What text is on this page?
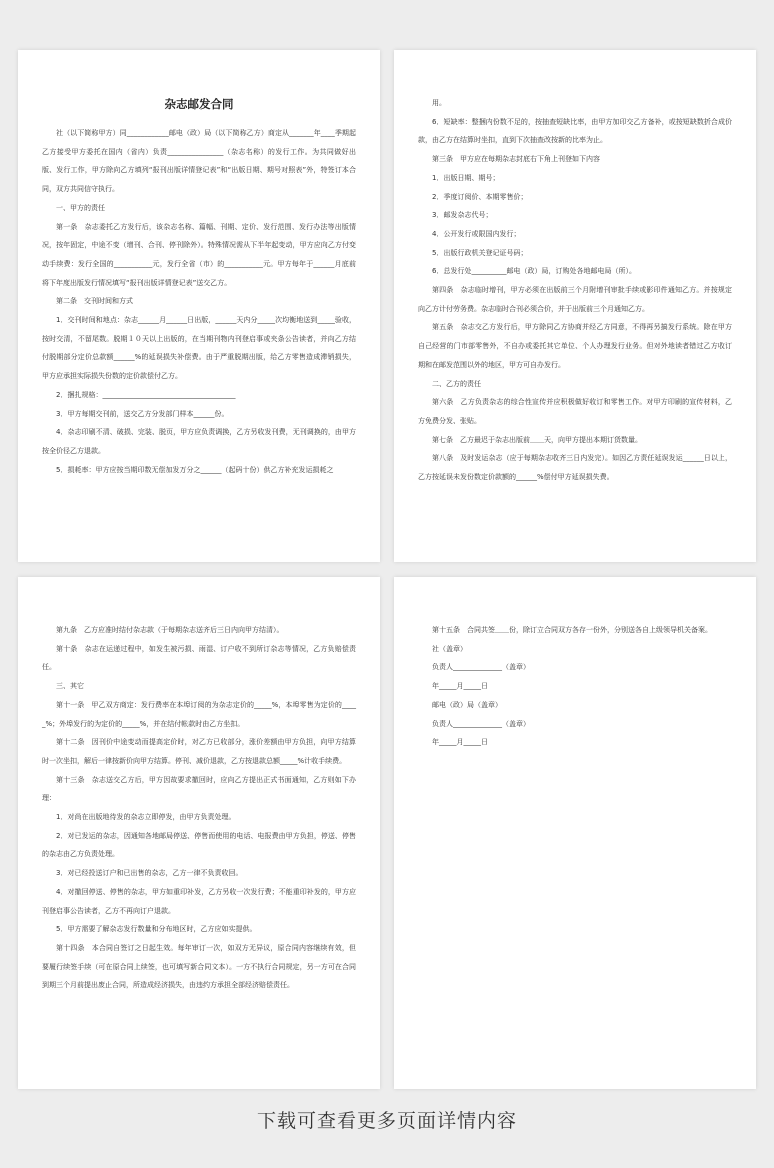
杂志邮发合同

社（以下简称甲方）同____________邮电（政）局（以下简称乙方）商定从_______年____季期起乙方接受甲方委托在国内（省内）负责________________（杂志名称）的发行工作。为共同做好出版、发行工作，甲方除向乙方填列“报刊出版详情登记表”和“出版日期、期号对照表”外，特签订本合同，双方共同信守执行。

一、甲方的责任

第一条　杂志委托乙方发行后，该杂志名称、篇幅、刊期、定价、发行范围、发行办法等出版情况，按年固定，中途不变（增刊、合刊、停刊除外）。特殊情况需从下半年起变动，甲方应向乙方付变动手续费：发行全国的___________元，发行全省（市）的___________元。甲方每年于______月底前将下年度出版发行情况填写“报刊出版详情登记表”送交乙方。

第二条　交刊时间和方式

1．交刊时间和地点：杂志______月______日出版，______天内分_____次均衡地送到_____验收，按时交清，不留尾数。脱期１０天以上出版的，在当期刊物内刊登启事或夹条公告读者，并向乙方结付脱期部分定价总款额______%的延误损失补偿费。由于严重脱期出版，给乙方零售造成滞销损失，甲方应承担实际损失份数的定价款偿付乙方。

2．捆扎规格：______________________________________

3．甲方每期交刊前，送交乙方分发部门样本______份。

4．杂志印刷不清、破损、完装、脱页，甲方应负责调换，乙方另收发刊费，无刊调换的，由甲方按全价径乙方退款。

5．损耗率：甲方应按当期印数无偿加发万分之______（起码十份）供乙方补充发运损耗之

用。

6．短缺率：整捆内份数不足的，按抽查短缺比率，由甲方加印交乙方备补，或按短缺数折合成价款，由乙方在结算时坐扣，直到下次抽查改按新的比率为止。

第三条　甲方应在每期杂志封底右下角上刊登如下内容

1．出版日期、期号；

2．季度订阅价、本期零售价；

3．邮发杂志代号；

4．公开发行或限国内发行；

5．出版行政机关登记证号码；

6．总发行处__________邮电（政）局，订购处各地邮电局（所）。

第四条　杂志临时增刊，甲方必须在出版前三个月附增刊审批手续或影印件通知乙方。并按规定向乙方计付劳务费。杂志临时合刊必须合价，并于出版前三个月通知乙方。

第五条　杂志交乙方发行后，甲方除同乙方协商并经乙方同意，不得再另搞发行系统。除在甲方自己经营的门市部零售外，不自办或委托其它单位、个人办理发行业务。但对外地读者错过乙方收订期和在邮发范围以外的地区，甲方可自办发行。

二、乙方的责任

第六条　乙方负责杂志的综合性宣传并应积极做好收订和零售工作。对甲方印刷的宣传材料，乙方免费分发、张贴。

第七条　乙方最迟于杂志出版前＿＿天，向甲方提出本期订货数量。

第八条　及时发运杂志（应于每期杂志收齐三日内发完）。如因乙方责任延误发运______日以上，乙方按延误未发份数定价款额的______%偿付甲方延误损失费。

第九条　乙方应准时结付杂志款（于每期杂志送齐后三日内向甲方结清）。

第十条　杂志在运递过程中，如发生被污损、雨湿、订户收不到所订杂志等情况，乙方负赔偿责任。

三、其它

第十一条　甲乙双方商定：发行费率在本埠订阅的为杂志定价的_____%，本埠零售为定价的_____%；外埠发行的为定价的_____%，并在结付帐款时由乙方坐扣。

第十二条　因刊价中途变动而提高定价时，对乙方已收部分，涨价差额由甲方负担，向甲方结算时一次坐扣，解后一律按新价向甲方结算。停刊、减价退款，乙方按退款总额_____%计收手续费。

第十三条　杂志送交乙方后，甲方因故要求撤回时，应向乙方提出正式书面通知，乙方则如下办理：

1．对尚在出版地待发的杂志立即停发，由甲方负责处理。

2．对已发运的杂志，因通知各地邮局停送、停售而使用的电话、电报费由甲方负担，停送、停售的杂志由乙方负责处理。

3．对已经投送订户和已出售的杂志，乙方一律不负责收回。

4．对撤回停送、停售的杂志，甲方如重印补发，乙方另收一次发行费；不能重印补发的，甲方应刊登启事公告读者，乙方不再向订户退款。

5．甲方需要了解杂志发行数量和分布地区时，乙方应如实提供。

第十四条　本合同自签订之日起生效。每年审订一次，如双方无异议，原合同内容继续有效，但要履行续签手续（可在原合同上续签，也可填写新合同文本）。一方不执行合同规定，另一方可在合同到期三个月前提出废止合同，所造成经济损失，由违约方承担全部经济赔偿责任。

第十五条　合同共签＿＿份，除订立合同双方各存一份外，分别送各自上级领导机关备案。

社（盖章）

负责人______________（盖章）

年_____月_____日

邮电（政）局（盖章）

负责人______________（盖章）

年_____月_____日

下载可查看更多页面详情内容
